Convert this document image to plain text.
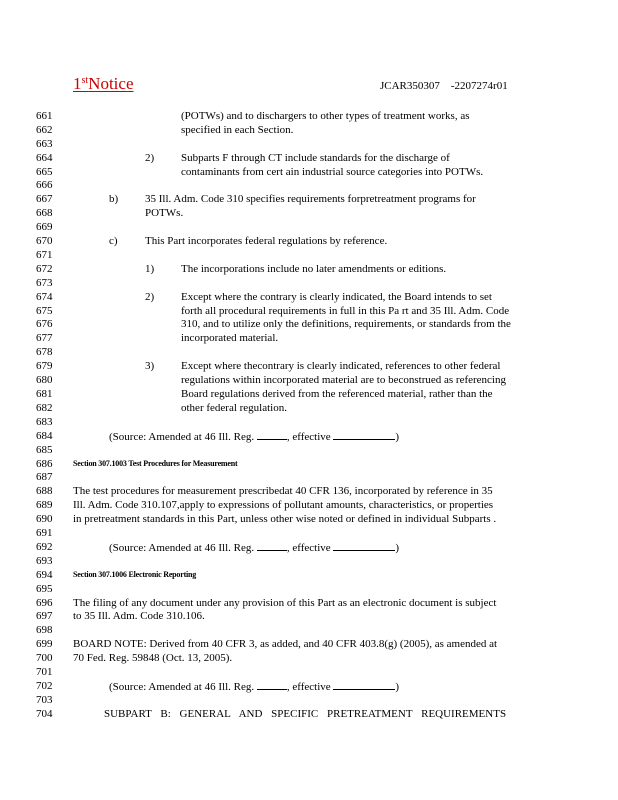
1stNotice	JCAR350307    -2207274r01
661	(POTWs) and to dischargers to other types of treatment works, as
662	specified in each Section.
663
664	2) Subparts F through CT include standards for the discharge of
665	contaminants from cert ain industrial source categories into POTWs.
666
667	b) 35 Ill. Adm. Code 310 specifies requirements forpretreatment programs for
668	POTWs.
669
670	c) This Part incorporates federal regulations by reference.
671
672	1) The incorporations include no later amendments or editions.
673
674	2) Except where the contrary is clearly indicated, the Board intends to set
675	forth all procedural requirements in full in this Pa rt and 35 Ill. Adm. Code
676	310, and to utilize only the definitions, requirements, or standards from the
677	incorporated material.
678
679	3) Except where thecontrary is clearly indicated, references to other federal
680	regulations within incorporated material are to beconstrued as referencing
681	Board regulations derived from the referenced material, rather than the
682	other federal regulation.
683
684	(Source: Amended at 46 Ill. Reg.	, effective	)
685
686	Section 307.1003 Test Procedures for Measurement
687
688 The test procedures for measurement prescribedat 40 CFR 136, incorporated by reference in 35
689 Ill. Adm. Code 310.107,apply to expressions of pollutant amounts, characteristics, or properties
690 in pretreatment standards in this Part, unless other wise noted or defined in individual Subparts .
691
692	(Source: Amended at 46 Ill. Reg.	, effective	)
693
694	Section 307.1006 Electronic Reporting
695
696 The filing of any document under any provision of this Part as an electronic document is subject
697 to 35 Ill. Adm. Code 310.106.
698
699 BOARD NOTE: Derived from 40 CFR 3, as added, and 40 CFR 403.8(g) (2005), as amended at
700 70 Fed. Reg. 59848 (Oct. 13, 2005).
701
702	(Source: Amended at 46 Ill. Reg.	, effective	)
703
704	SUBPART B: GENERAL AND SPECIFIC PRETREATMENT REQUIREMENTS
